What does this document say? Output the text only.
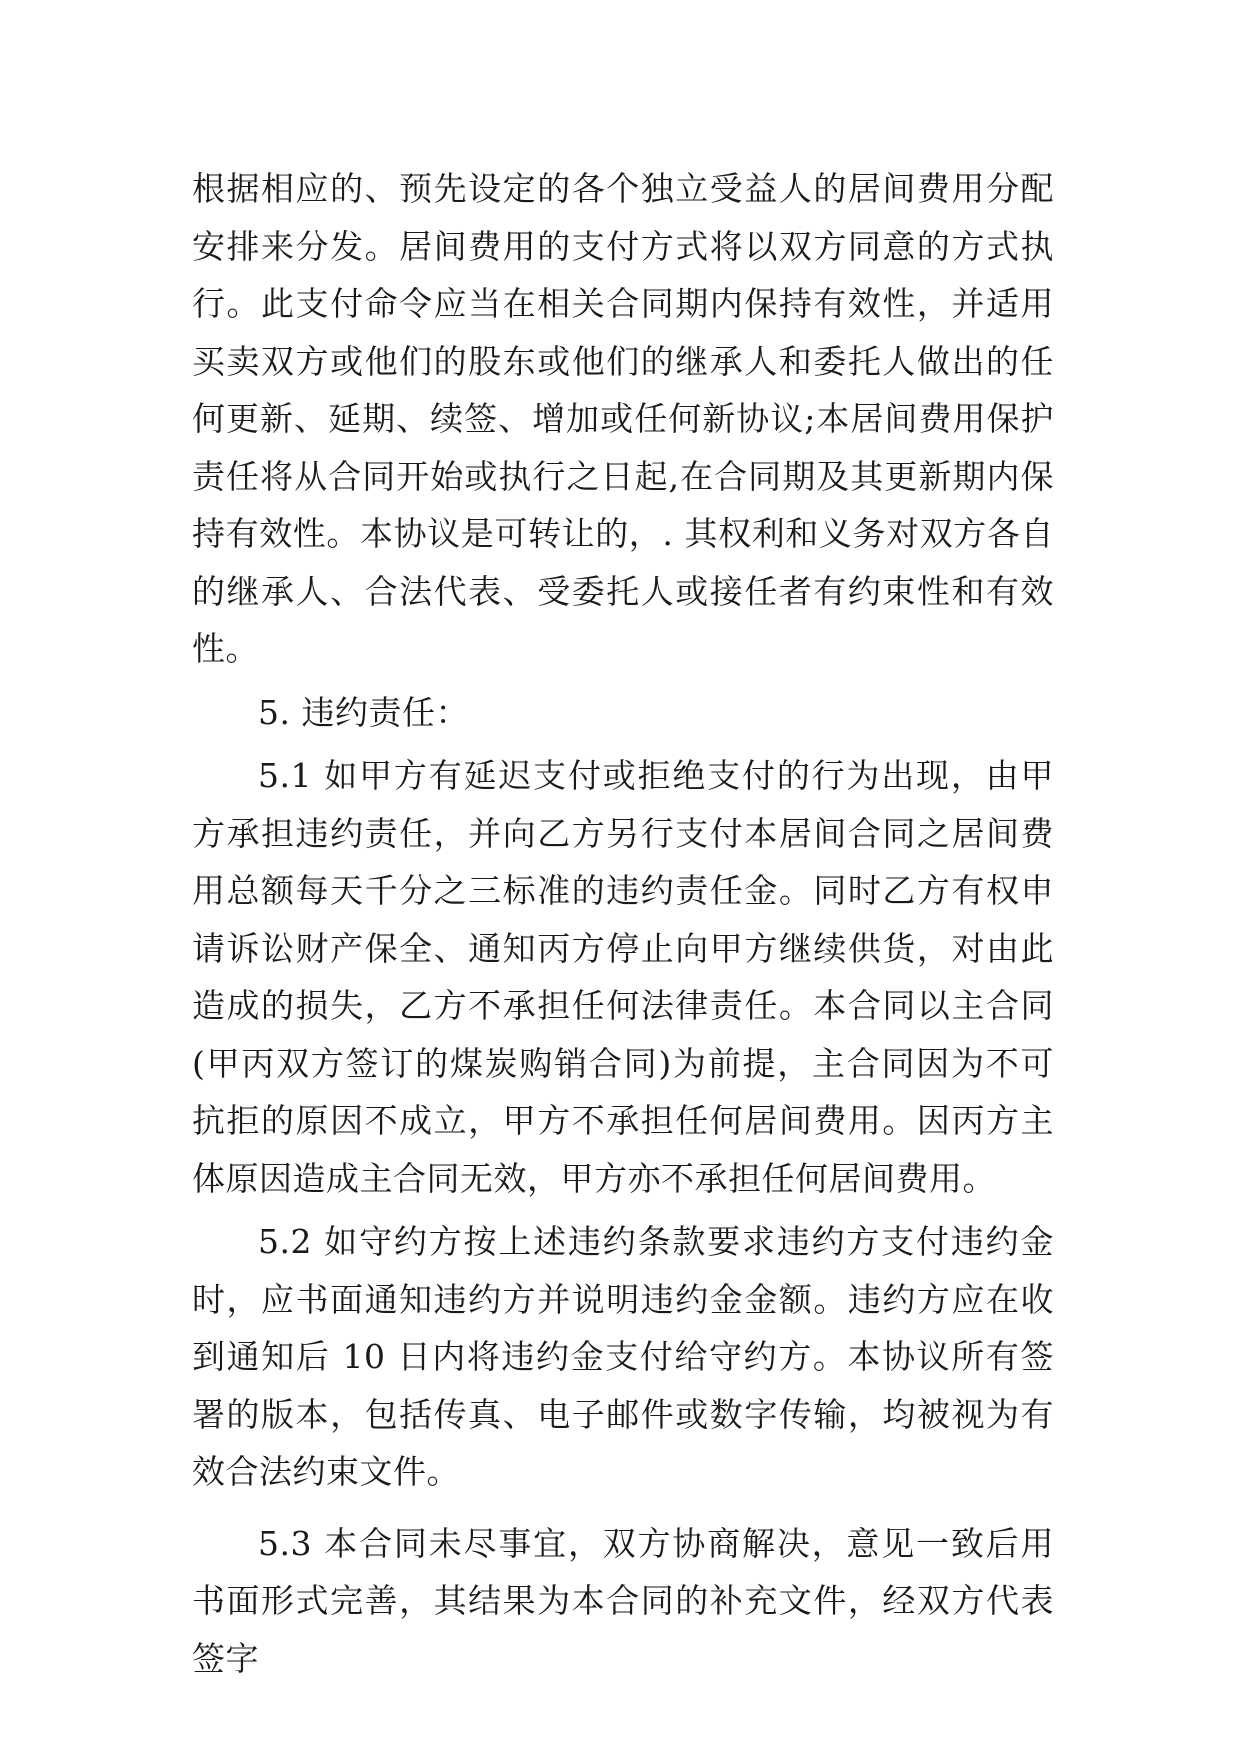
根据相应的、预先设定的各个独立受益人的居间费用分配安排来分发。居间费用的支付方式将以双方同意的方式执行。此支付命令应当在相关合同期内保持有效性，并适用买卖双方或他们的股东或他们的继承人和委托人做出的任何更新、延期、续签、增加或任何新协议;本居间费用保护责任将从合同开始或执行之日起,在合同期及其更新期内保持有效性。本协议是可转让的，. 其权利和义务对双方各自的继承人、合法代表、受委托人或接任者有约束性和有效性。

5. 违约责任：

5.1 如甲方有延迟支付或拒绝支付的行为出现，由甲方承担违约责任，并向乙方另行支付本居间合同之居间费用总额每天千分之三标准的违约责任金。同时乙方有权申请诉讼财产保全、通知丙方停止向甲方继续供货，对由此造成的损失，乙方不承担任何法律责任。本合同以主合同(甲丙双方签订的煤炭购销合同)为前提，主合同因为不可抗拒的原因不成立，甲方不承担任何居间费用。因丙方主体原因造成主合同无效，甲方亦不承担任何居间费用。

5.2 如守约方按上述违约条款要求违约方支付违约金时，应书面通知违约方并说明违约金金额。违约方应在收到通知后 10 日内将违约金支付给守约方。本协议所有签署的版本，包括传真、电子邮件或数字传输，均被视为有效合法约束文件。

5.3 本合同未尽事宜，双方协商解决，意见一致后用书面形式完善，其结果为本合同的补充文件，经双方代表签字
